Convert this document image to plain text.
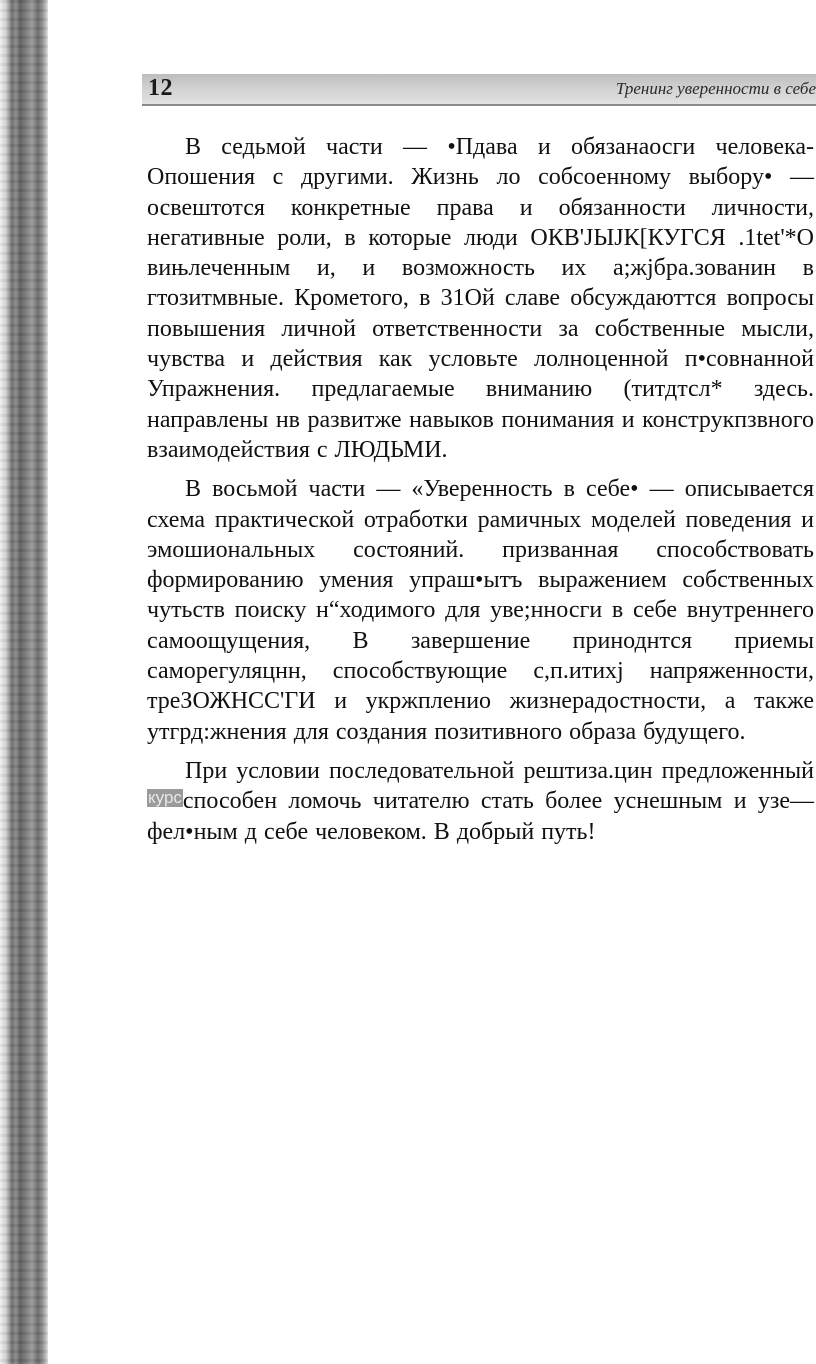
12	Тренинг уверенности в себе

В седьмой части — •Пдава и обязанаосги человека-Опошения с другими. Жизнь ло собсоенному выбору• — освештотся конкретные права и обязанности личности, негативные роли, в которые люди ОКВ'ЈЫЈК[КУГСЯ .1tet'*О вињлеченным и, и возможность их а;жјбра.зованин в гтозитмвные. Крометого, в 31Ой славе обсуждаюттся вопросы повышения личной ответственности за собственные мысли, чувства и действия как условьте лолноценной п•совнанной Упражнения. предлагаемые вниманию (титдтсл* здесь. направлены нв развитже навыков понимания и конструкпзвного взаимодействия с ЛЮДЬМИ.

В восьмой части — «Уверенность в себе• — описывается схема практической отработки рамичных моделей поведения и эмошиональных состояний. призванная способствовать формированию умения упраш•ытъ выражением собственных чутьств поиску н“ходимого для уве;нносги в себе внутреннего самоощущения, В завершение приноднтся приемы саморегуляцнн, способствующие с,п.итихј напряженности, треЗОЖНСС'ГИ и укржпленио жизнерадостности, а также утгрд:жнения для создания позитивного образа будущего.

При условии последовательной рештиза.цин предложенный курсспособен ломочь читателю стать более уснешным и узе— фел•ным д себе человеком. В добрый путь!
